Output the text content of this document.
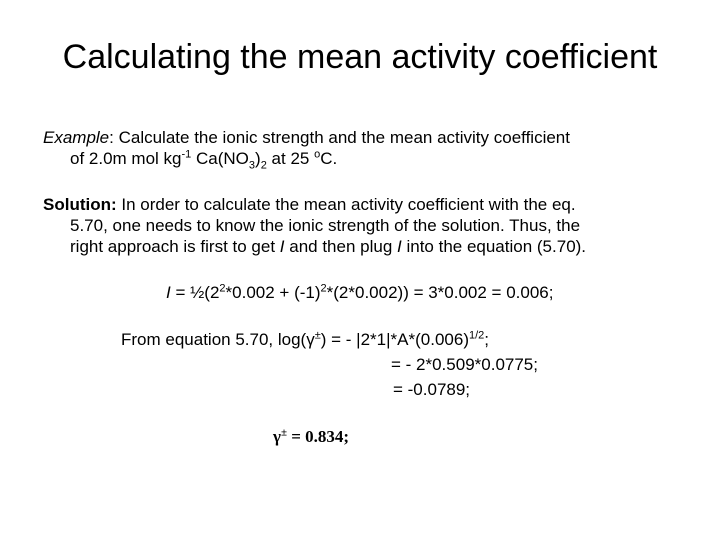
Calculating the mean activity coefficient
Example: Calculate the ionic strength and the mean activity coefficient
of 2.0m mol $kg^{-1}$ $Ca(NO_3)_2$ at 25 $^o$C.
Solution: In order to calculate the mean activity coefficient with the eq.
5.70, one needs to know the ionic strength of the solution. Thus, the
right approach is first to get I and then plug I into the equation (5.70).
$I = \frac{1}{2}(2^2*0.002 + (-1)^2*(2*0.002)) = 3*0.002 = 0.006$;
From equation 5.70, log(γ±) = - $|2*1|*A*(0.006)^{1/2}$;
= - 2*0.509*0.0775;
= -0.0789;
γ± = 0.834;
